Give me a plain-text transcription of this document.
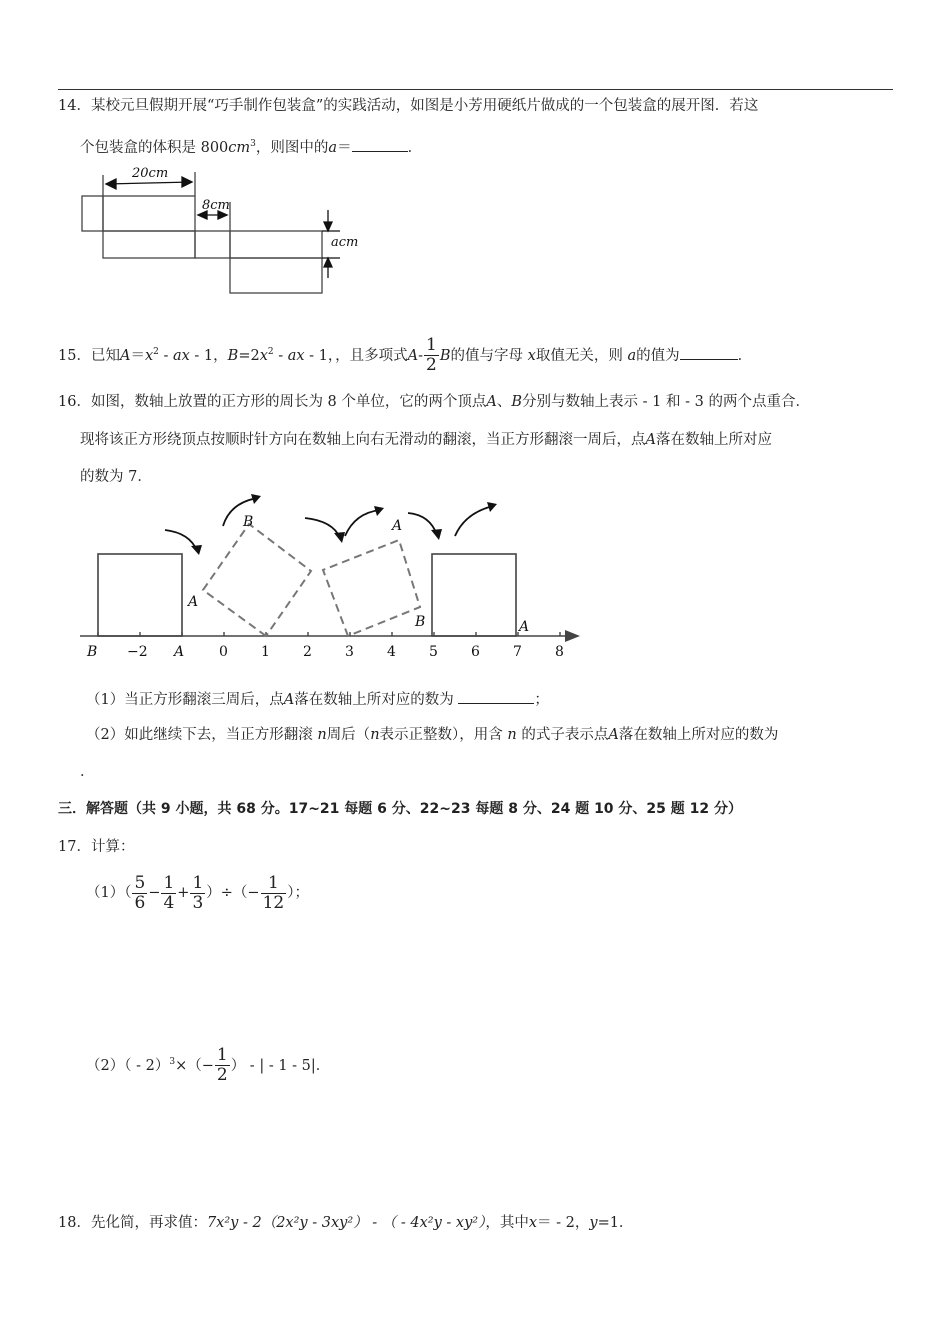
14．某校元旦假期开展“巧手制作包装盒”的实践活动，如图是小芳用硬纸片做成的一个包装盒的展开图．若这
个包装盒的体积是 $800cm^3$，则图中的a＝	．
20cm
8cm
acm
15．已知$A=x^2$ - ax - 1，$B=2x^2$ - ax - 1，，且多项式$A- \frac{1}{2}$ B的值与字母 x取值无关，则 a的值为	．
16．如图，数轴上放置的正方形的周长为 8 个单位，它的两个顶点A、B分别与数轴上表示 - 1 和 - 3 的两个点重合．
现将该正方形绕顶点按顺时针方向在数轴上向右无滑动的翻滚，当正方形翻滚一周后，点A落在数轴上所对应
的数为 7．
A
B	A
B	A
B −2 A 0 1 2 3 4 5 6 7 8
（1）当正方形翻滚三周后，点A落在数轴上所对应的数为	；
（2）如此继续下去，当正方形翻滚 n周后（n表示正整数），用含 n 的式子表示点A落在数轴上所对应的数为
．
三．解答题（共 9 小题，共 68 分。17~21 每题 6 分、22~23 每题 8 分、24 题 10 分、25 题 12 分）
17．计算：
$(1)( \frac{5}{6} - \frac{1}{4} + \frac{1}{3}$ ）÷（− $\frac{1}{12}$ ）；
$(2)( - 2)^3\times(- \frac{1}{2}$ ） - | - 1 - 5|．
18．先化简，再求值：7x²y - 2（2x²y - 3xy²） - （ - 4x²y - xy²），其中x＝ - 2，y=1．
